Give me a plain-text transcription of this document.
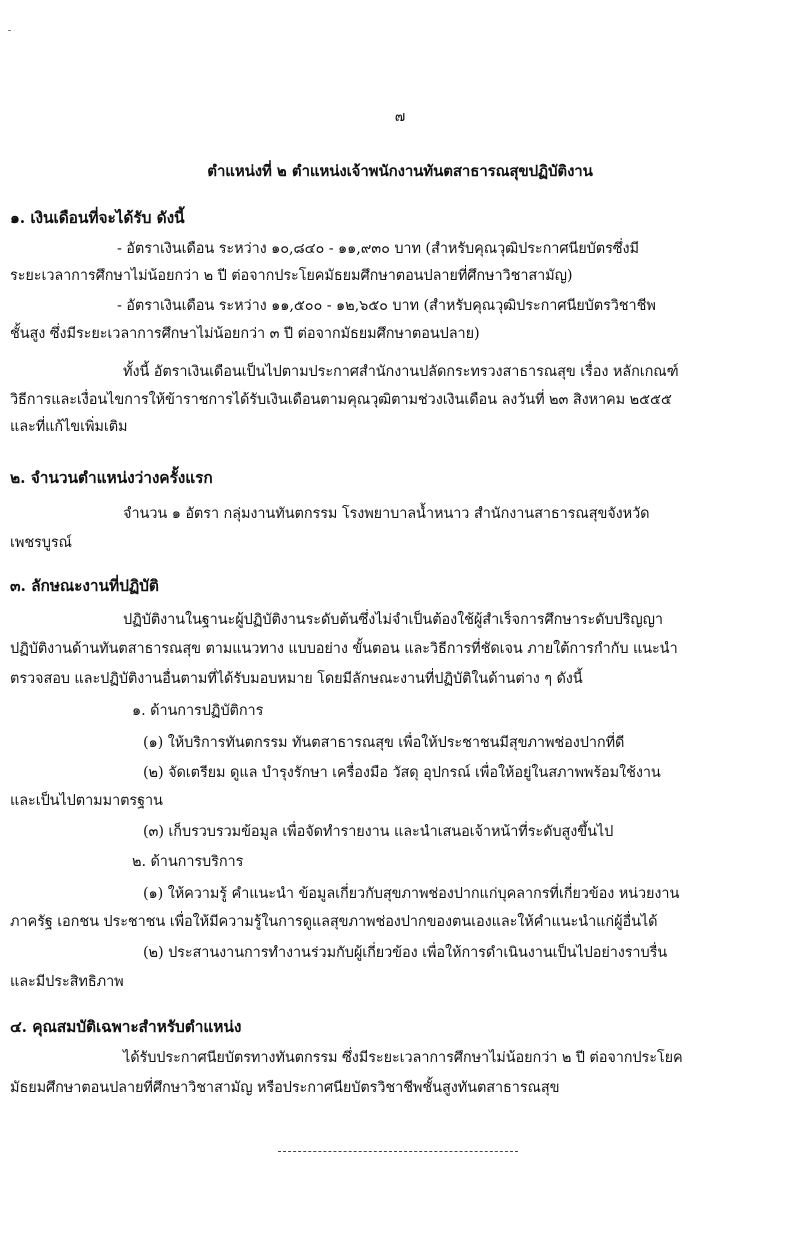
๗
ตำแหน่งที่ ๒ ตำแหน่งเจ้าพนักงานทันตสาธารณสุขปฏิบัติงาน
๑. เงินเดือนที่จะได้รับ ดังนี้
- อัตราเงินเดือน ระหว่าง ๑๐,๘๔๐ - ๑๑,๙๓๐ บาท (สำหรับคุณวุฒิประกาศนียบัตรซึ่งมี
ระยะเวลาการศึกษาไม่น้อยกว่า ๒ ปี ต่อจากประโยคมัธยมศึกษาตอนปลายที่ศึกษาวิชาสามัญ)
- อัตราเงินเดือน ระหว่าง ๑๑,๕๐๐ - ๑๒,๖๕๐ บาท (สำหรับคุณวุฒิประกาศนียบัตรวิชาชีพ
ชั้นสูง ซึ่งมีระยะเวลาการศึกษาไม่น้อยกว่า ๓ ปี ต่อจากมัธยมศึกษาตอนปลาย)
ทั้งนี้ อัตราเงินเดือนเป็นไปตามประกาศสำนักงานปลัดกระทรวงสาธารณสุข เรื่อง หลักเกณฑ์
วิธีการและเงื่อนไขการให้ข้าราชการได้รับเงินเดือนตามคุณวุฒิตามช่วงเงินเดือน ลงวันที่ ๒๓ สิงหาคม ๒๕๕๕
และที่แก้ไขเพิ่มเติม
๒. จำนวนตำแหน่งว่างครั้งแรก
จำนวน ๑ อัตรา กลุ่มงานทันตกรรม โรงพยาบาลน้ำหนาว สำนักงานสาธารณสุขจังหวัด
เพชรบูรณ์
๓. ลักษณะงานที่ปฏิบัติ
ปฏิบัติงานในฐานะผู้ปฏิบัติงานระดับต้นซึ่งไม่จำเป็นต้องใช้ผู้สำเร็จการศึกษาระดับปริญญา
ปฏิบัติงานด้านทันตสาธารณสุข ตามแนวทาง แบบอย่าง ขั้นตอน และวิธีการที่ชัดเจน ภายใต้การกำกับ แนะนำ
ตรวจสอบ และปฏิบัติงานอื่นตามที่ได้รับมอบหมาย โดยมีลักษณะงานที่ปฏิบัติในด้านต่าง ๆ ดังนี้
๑. ด้านการปฏิบัติการ
(๑) ให้บริการทันตกรรม ทันตสาธารณสุข เพื่อให้ประชาชนมีสุขภาพช่องปากที่ดี
(๒) จัดเตรียม ดูแล บำรุงรักษา เครื่องมือ วัสดุ อุปกรณ์ เพื่อให้อยู่ในสภาพพร้อมใช้งาน
และเป็นไปตามมาตรฐาน
(๓) เก็บรวบรวมข้อมูล เพื่อจัดทำรายงาน และนำเสนอเจ้าหน้าที่ระดับสูงขึ้นไป
๒. ด้านการบริการ
(๑) ให้ความรู้ คำแนะนำ ข้อมูลเกี่ยวกับสุขภาพช่องปากแก่บุคลากรที่เกี่ยวข้อง หน่วยงาน
ภาครัฐ เอกชน ประชาชน เพื่อให้มีความรู้ในการดูแลสุขภาพช่องปากของตนเองและให้คำแนะนำแก่ผู้อื่นได้
(๒) ประสานงานการทำงานร่วมกับผู้เกี่ยวข้อง เพื่อให้การดำเนินงานเป็นไปอย่างราบรื่น
และมีประสิทธิภาพ
๔. คุณสมบัติเฉพาะสำหรับตำแหน่ง
ได้รับประกาศนียบัตรทางทันตกรรม ซึ่งมีระยะเวลาการศึกษาไม่น้อยกว่า ๒ ปี ต่อจากประโยค
มัธยมศึกษาตอนปลายที่ศึกษาวิชาสามัญ หรือประกาศนียบัตรวิชาชีพชั้นสูงทันตสาธารณสุข
